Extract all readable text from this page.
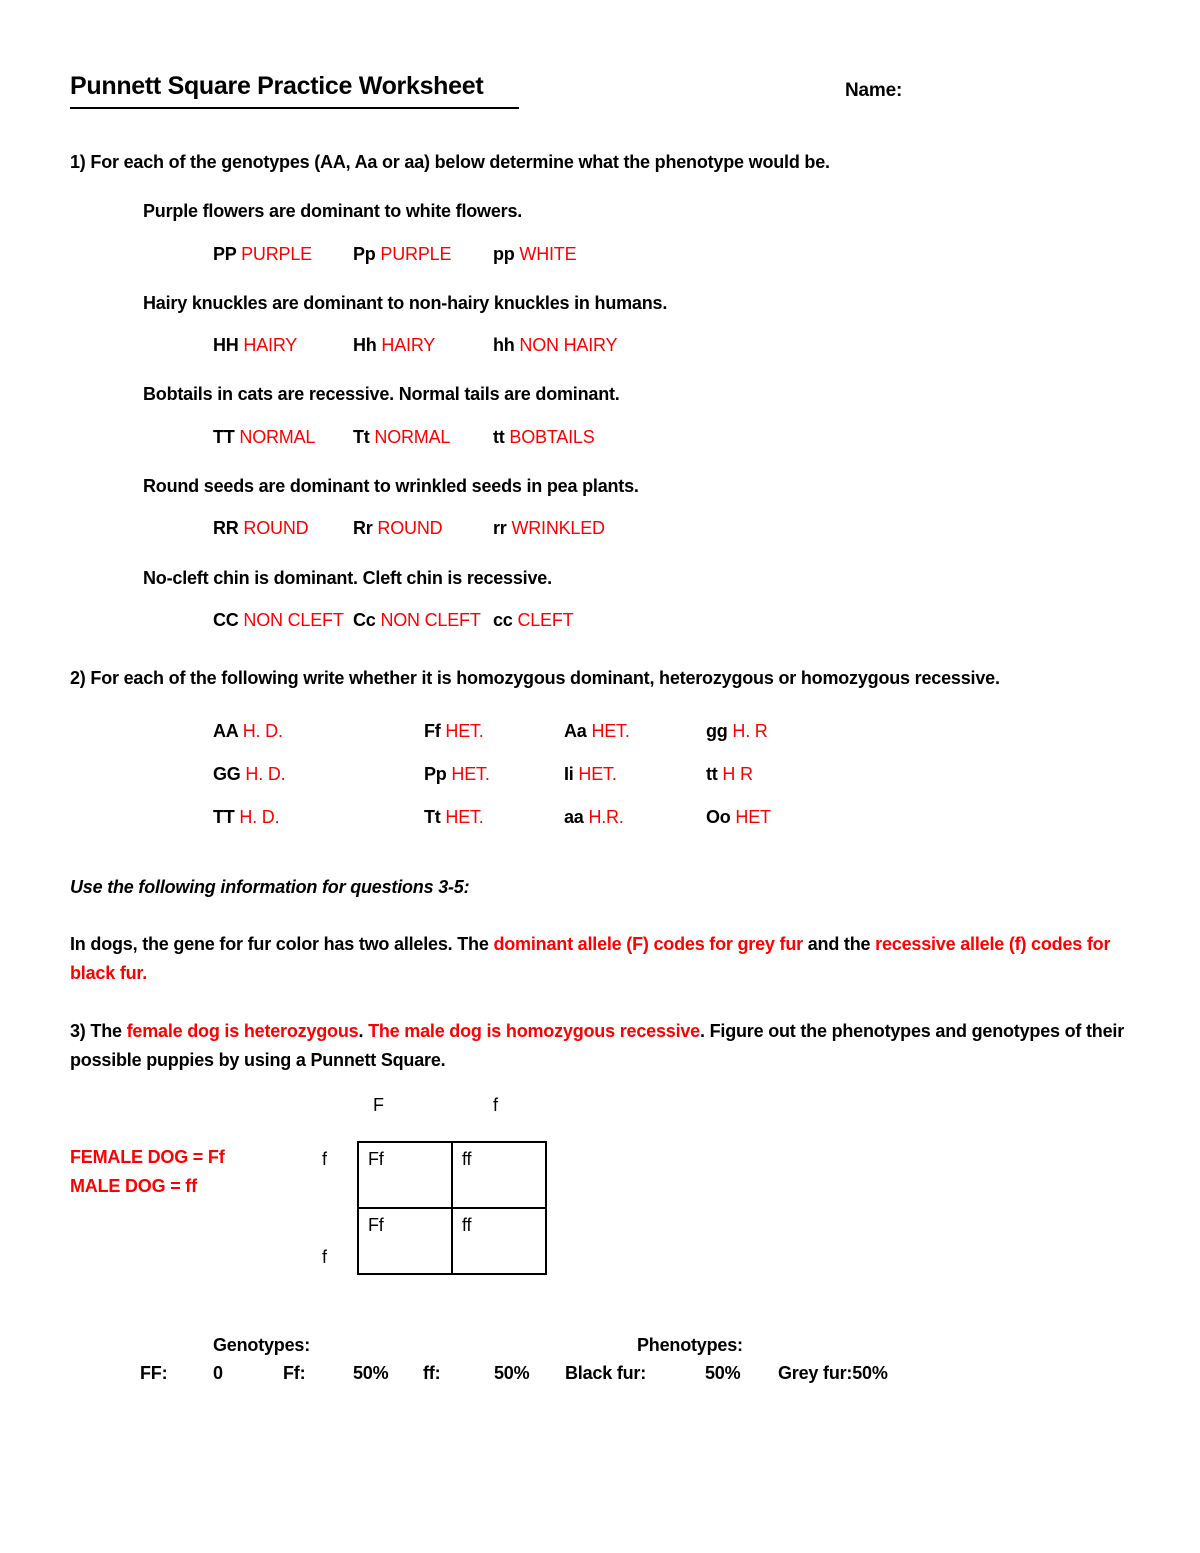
Punnett Square Practice Worksheet	Name:

1) For each of the genotypes (AA, Aa or aa) below determine what the phenotype would be.

Purple flowers are dominant to white flowers.

PP PURPLE Pp PURPLE pp WHITE

Hairy knuckles are dominant to non-hairy knuckles in humans.

HH HAIRY	Hh HAIRY	hh NON HAIRY

Bobtails in cats are recessive. Normal tails are dominant.

TT NORMAL Tt NORMAL tt BOBTAILS

Round seeds are dominant to wrinkled seeds in pea plants.

RR ROUND Rr ROUND	rr WRINKLED

No-cleft chin is dominant. Cleft chin is recessive.

CC NON CLEFT Cc NON CLEFT cc CLEFT

2) For each of the following write whether it is homozygous dominant, heterozygous or homozygous recessive.

AA H. D.	Ff HET.	Aa HET.	gg H. R

GG H. D.	Pp HET.	Ii HET.	tt H R

TT H. D.	Tt HET.	aa H.R.	Oo HET

Use the following information for questions 3-5:

In dogs, the gene for fur color has two alleles. The dominant allele (F) codes for grey fur and the recessive allele (f) codes for black fur.

3) The female dog is heterozygous. The male dog is homozygous recessive. Figure out the phenotypes and genotypes of their possible puppies by using a Punnett Square.

F	f
FEMALE DOG = Ff
MALE DOG = ff
f
f
Ff	ff
Ff	ff
Genotypes:	Phenotypes:
FF:	0	Ff:	50% ff:	50% Black fur:	50% Grey fur:50%
